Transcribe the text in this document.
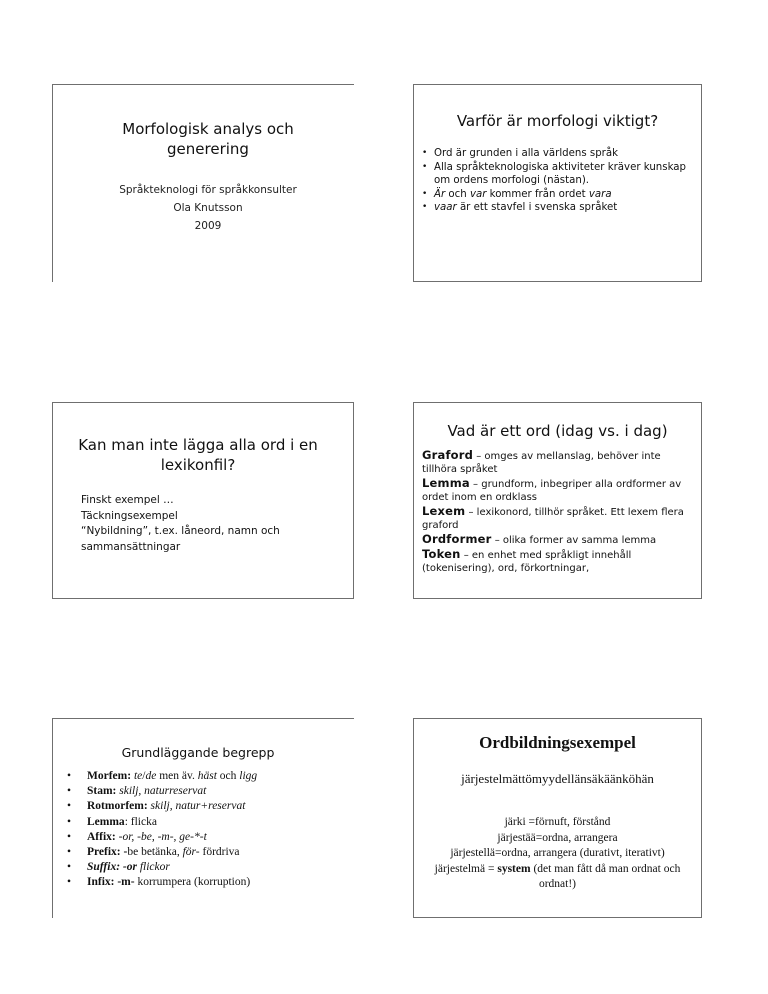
Morfologisk analys och generering
Språkteknologi för språkkonsulter
Ola Knutsson
2009
Varför är morfologi viktigt?
• Ord är grunden i alla världens språk
• Alla språkteknologiska aktiviteter kräver kunskap om ordens morfologi (nästan).
• Är och var kommer från ordet vara
• vaar är ett stavfel i svenska språket
Kan man inte lägga alla ord i en lexikonfil?
Finskt exempel …
Täckningsexempel
“Nybildning”, t.ex. låneord, namn och sammansättningar
Vad är ett ord (idag vs. i dag)
Graford – omges av mellanslag, behöver inte tillhöra språket
Lemma – grundform, inbegriper alla ordformer av ordet inom en ordklass
Lexem – lexikonord, tillhör språket. Ett lexem flera graford
Ordformer – olika former av samma lemma
Token – en enhet med språkligt innehåll (tokenisering), ord, förkortningar,
Grundläggande begrepp
• Morfem: te/de men äv. häst och ligg
• Stam: skilj, naturreservat
• Rotmorfem: skilj, natur+reservat
• Lemma: flicka
• Affix: -or, -be, -m-, ge-*-t
• Prefix: -be betänka, för- fördriva
• Suffix: -or flickor
• Infix: -m- korrumpera (korruption)
Ordbildningsexempel
järjestelmättömyydellänsäkäänköhän
järki =förnuft, förstånd
järjestää=ordna, arrangera
järjestellä=ordna, arrangera (durativt, iterativt)
järjestelmä = system (det man fått då man ordnat och ordnat!)
